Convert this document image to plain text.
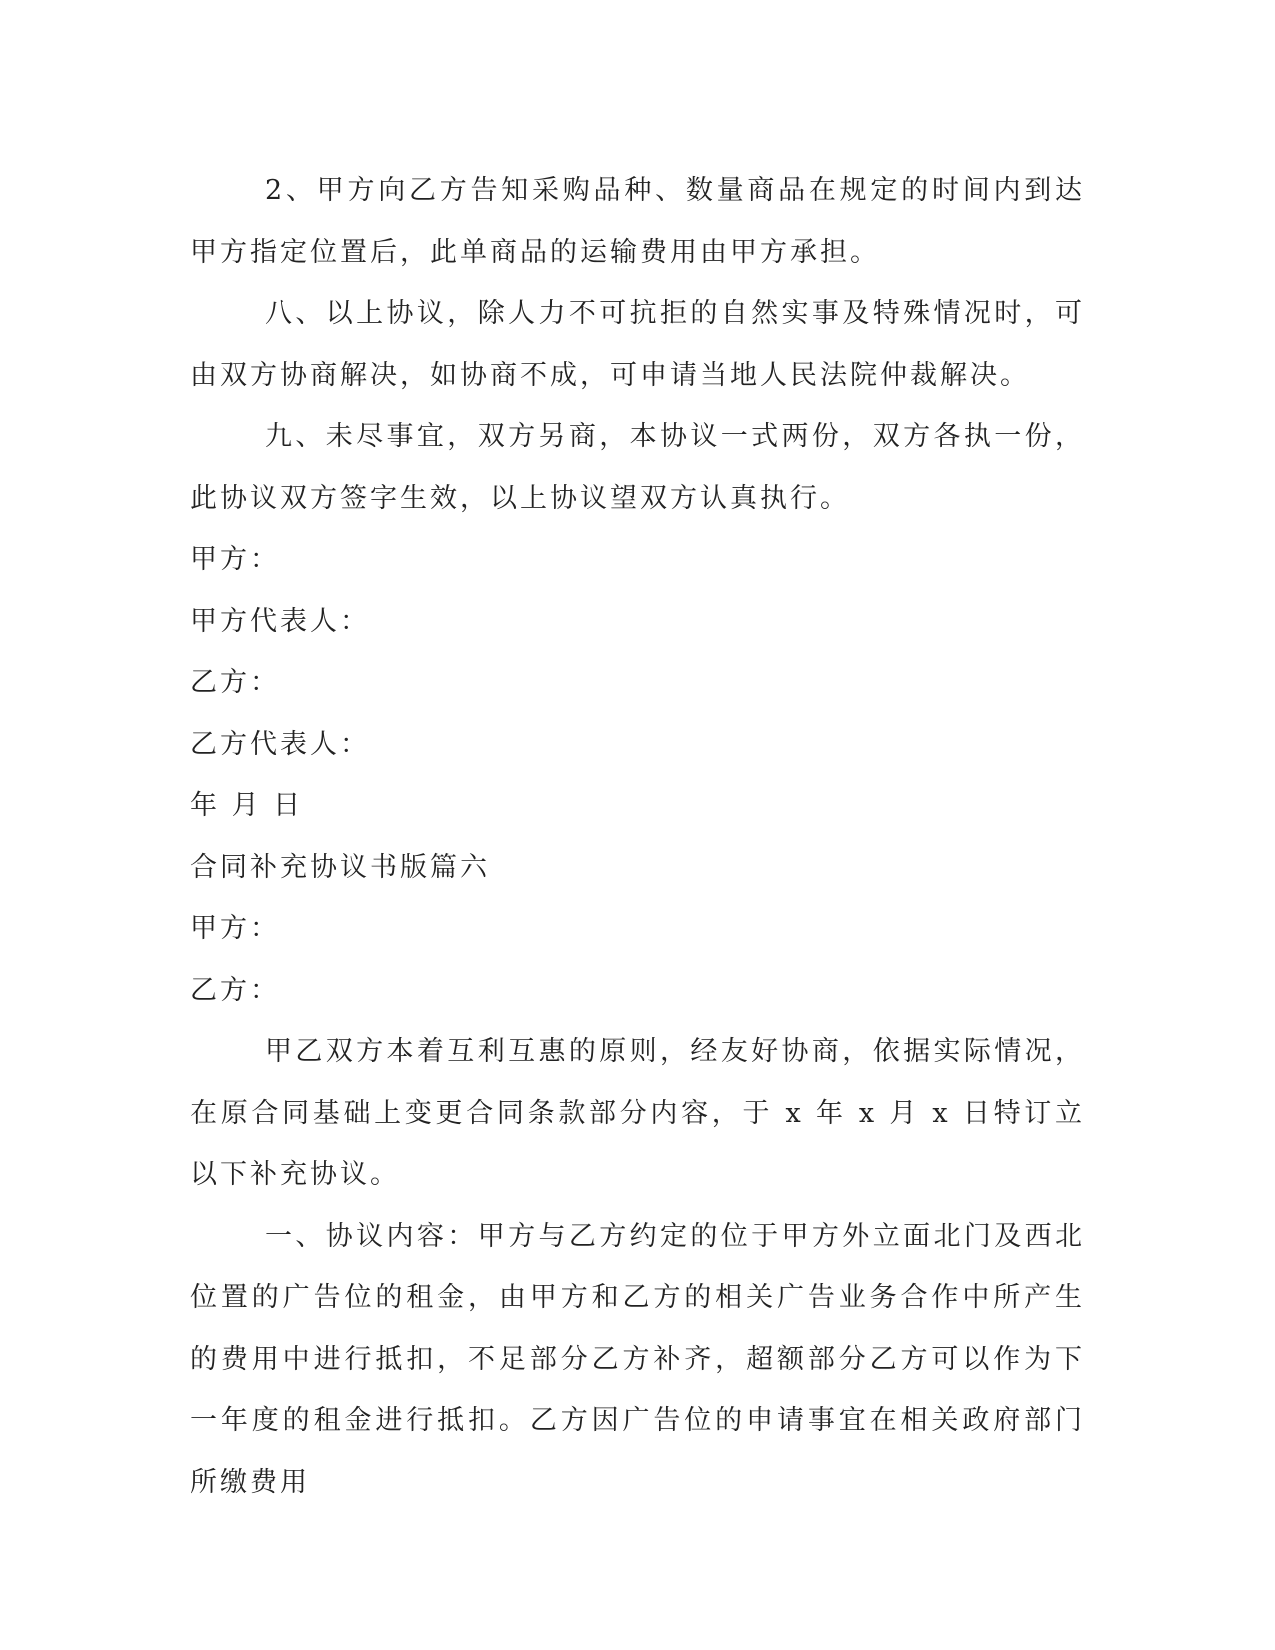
2、甲方向乙方告知采购品种、数量商品在规定的时间内到达甲方指定位置后，此单商品的运输费用由甲方承担。

八、以上协议，除人力不可抗拒的自然实事及特殊情况时，可由双方协商解决，如协商不成，可申请当地人民法院仲裁解决。

九、未尽事宜，双方另商，本协议一式两份，双方各执一份，此协议双方签字生效，以上协议望双方认真执行。

甲方：

甲方代表人：

乙方：

乙方代表人：

年 月 日

合同补充协议书版篇六

甲方：

乙方：

甲乙双方本着互利互惠的原则，经友好协商，依据实际情况，在原合同基础上变更合同条款部分内容，于 x 年 x 月 x 日特订立以下补充协议。

一、协议内容：甲方与乙方约定的位于甲方外立面北门及西北位置的广告位的租金，由甲方和乙方的相关广告业务合作中所产生的费用中进行抵扣，不足部分乙方补齐，超额部分乙方可以作为下一年度的租金进行抵扣。乙方因广告位的申请事宜在相关政府部门所缴费用
